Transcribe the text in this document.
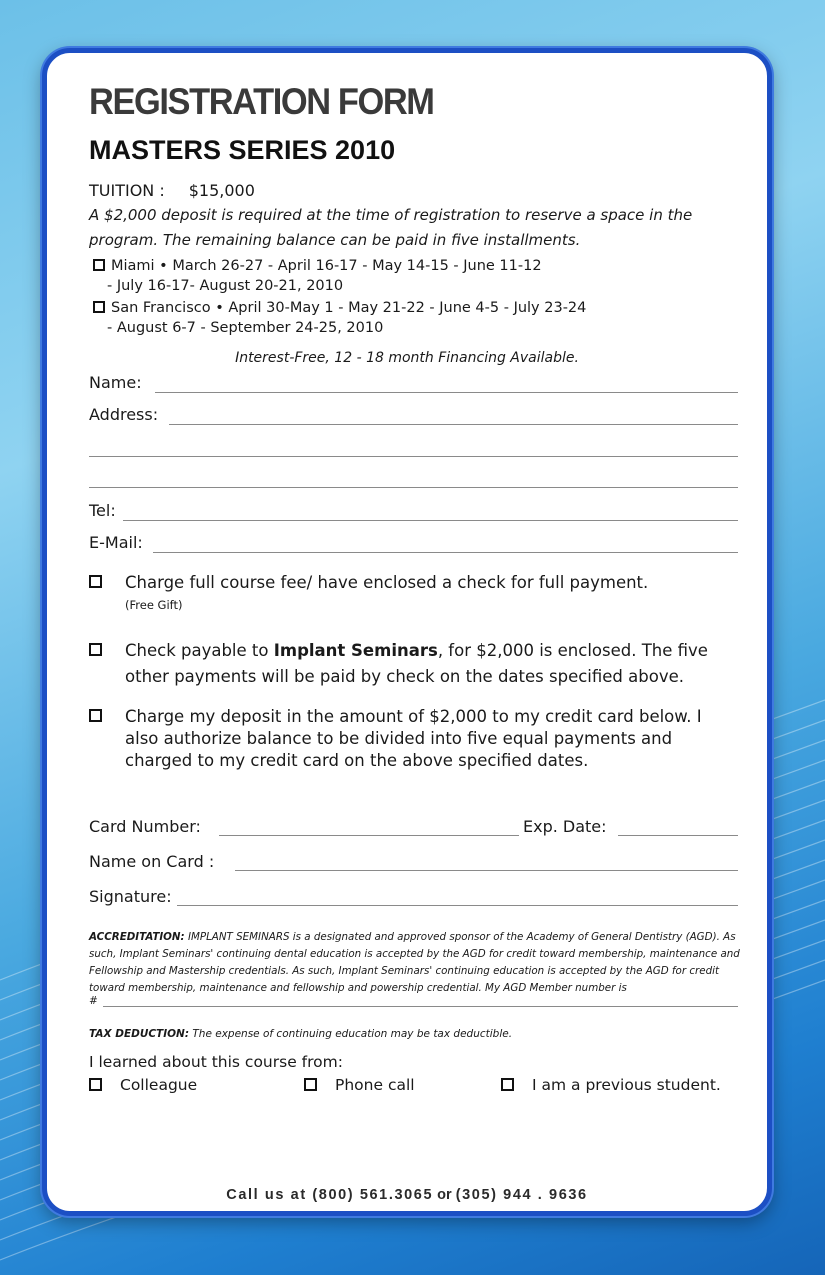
REGISTRATION FORM
MASTERS SERIES 2010
TUITION : $15,000
A $2,000 deposit is required at the time of registration to reserve a space in the
program. The remaining balance can be paid in five installments.
Miami • March 26-27 - April 16-17 - May 14-15 - June 11-12
- July 16-17- August 20-21, 2010
San Francisco • April 30-May 1 - May 21-22 - June 4-5 - July 23-24
- August 6-7 - September 24-25, 2010
Interest-Free, 12 - 18 month Financing Available.
Name:
Address:
Tel:
E-Mail:
Charge full course fee/ have enclosed a check for full payment.
(Free Gift)
Check payable to Implant Seminars, for $2,000 is enclosed. The five
other payments will be paid by check on the dates specified above.
Charge my deposit in the amount of $2,000 to my credit card below. I
also authorize balance to be divided into five equal payments and
charged to my credit card on the above specified dates.
Card Number:	Exp. Date:
Name on Card :
Signature:
ACCREDITATION: IMPLANT SEMINARS is a designated and approved sponsor of the Academy of General Dentistry (AGD). As such, Implant Seminars' continuing dental education is accepted by the AGD for credit toward membership, maintenance and Fellowship and Mastership credentials. As such, Implant Seminars' continuing education is accepted by the AGD for credit toward membership, maintenance and fellowship and powership credential. My AGD Member number is
#
TAX DEDUCTION: The expense of continuing education may be tax deductible.
I learned about this course from:
Colleague	Phone call	I am a previous student.
Call us at (800) 561.3065 or (305) 944 . 9636
